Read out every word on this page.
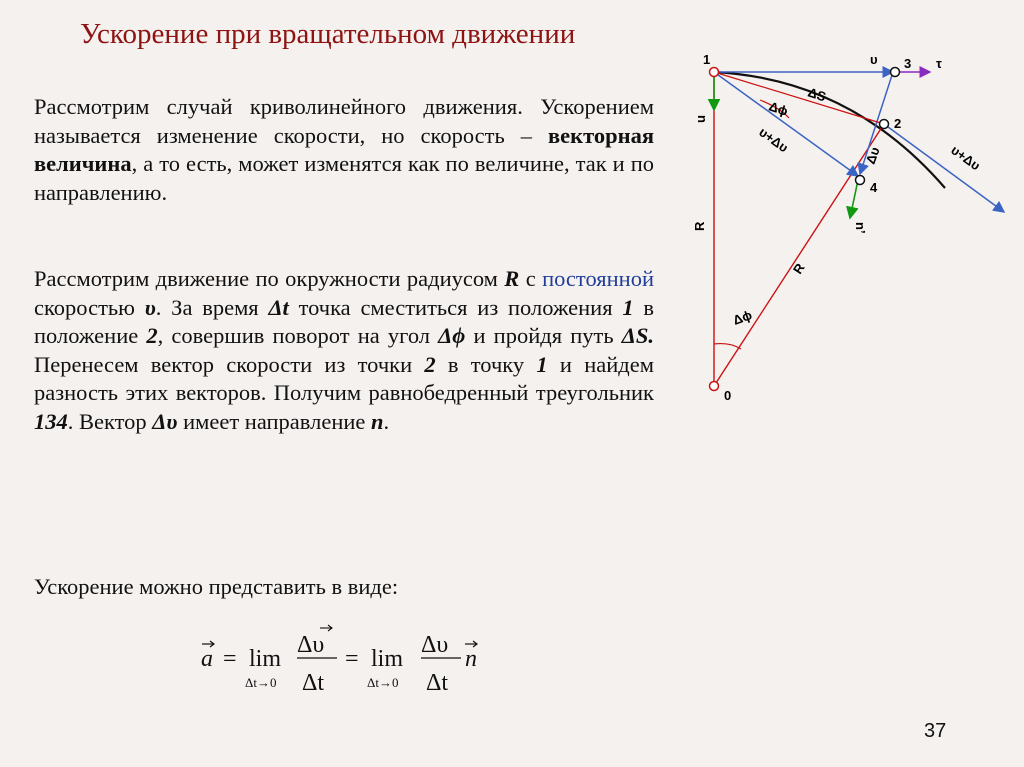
Ускорение при вращательном движении
Рассмотрим случай криволинейного движения. Ускорением называется изменение скорости, но скорость – векторная величина, а то есть, может изменятся как по величине, так и по направлению.
Рассмотрим движение по окружности радиусом R с постоянной скоростью υ. За время Δt точка сместиться из положения 1 в положение 2, совершив поворот на угол Δϕ и пройдя путь ΔS. Перенесем вектор скорости из точки 2 в точку 1 и найдем разность этих векторов. Получим равнобедренный треугольник 134. Вектор Δυ имеет направление n.
Ускорение можно представить в виде:
a = lim
Δt→0
Δυ
Δt
= lim
Δt→0
Δυ
Δt
n
1
2
3
4
0
υ	τ
ΔS
Δϕ
Δϕ
υ+Δυ
υ+Δυ
Δυ
n
n’
R
R
37
